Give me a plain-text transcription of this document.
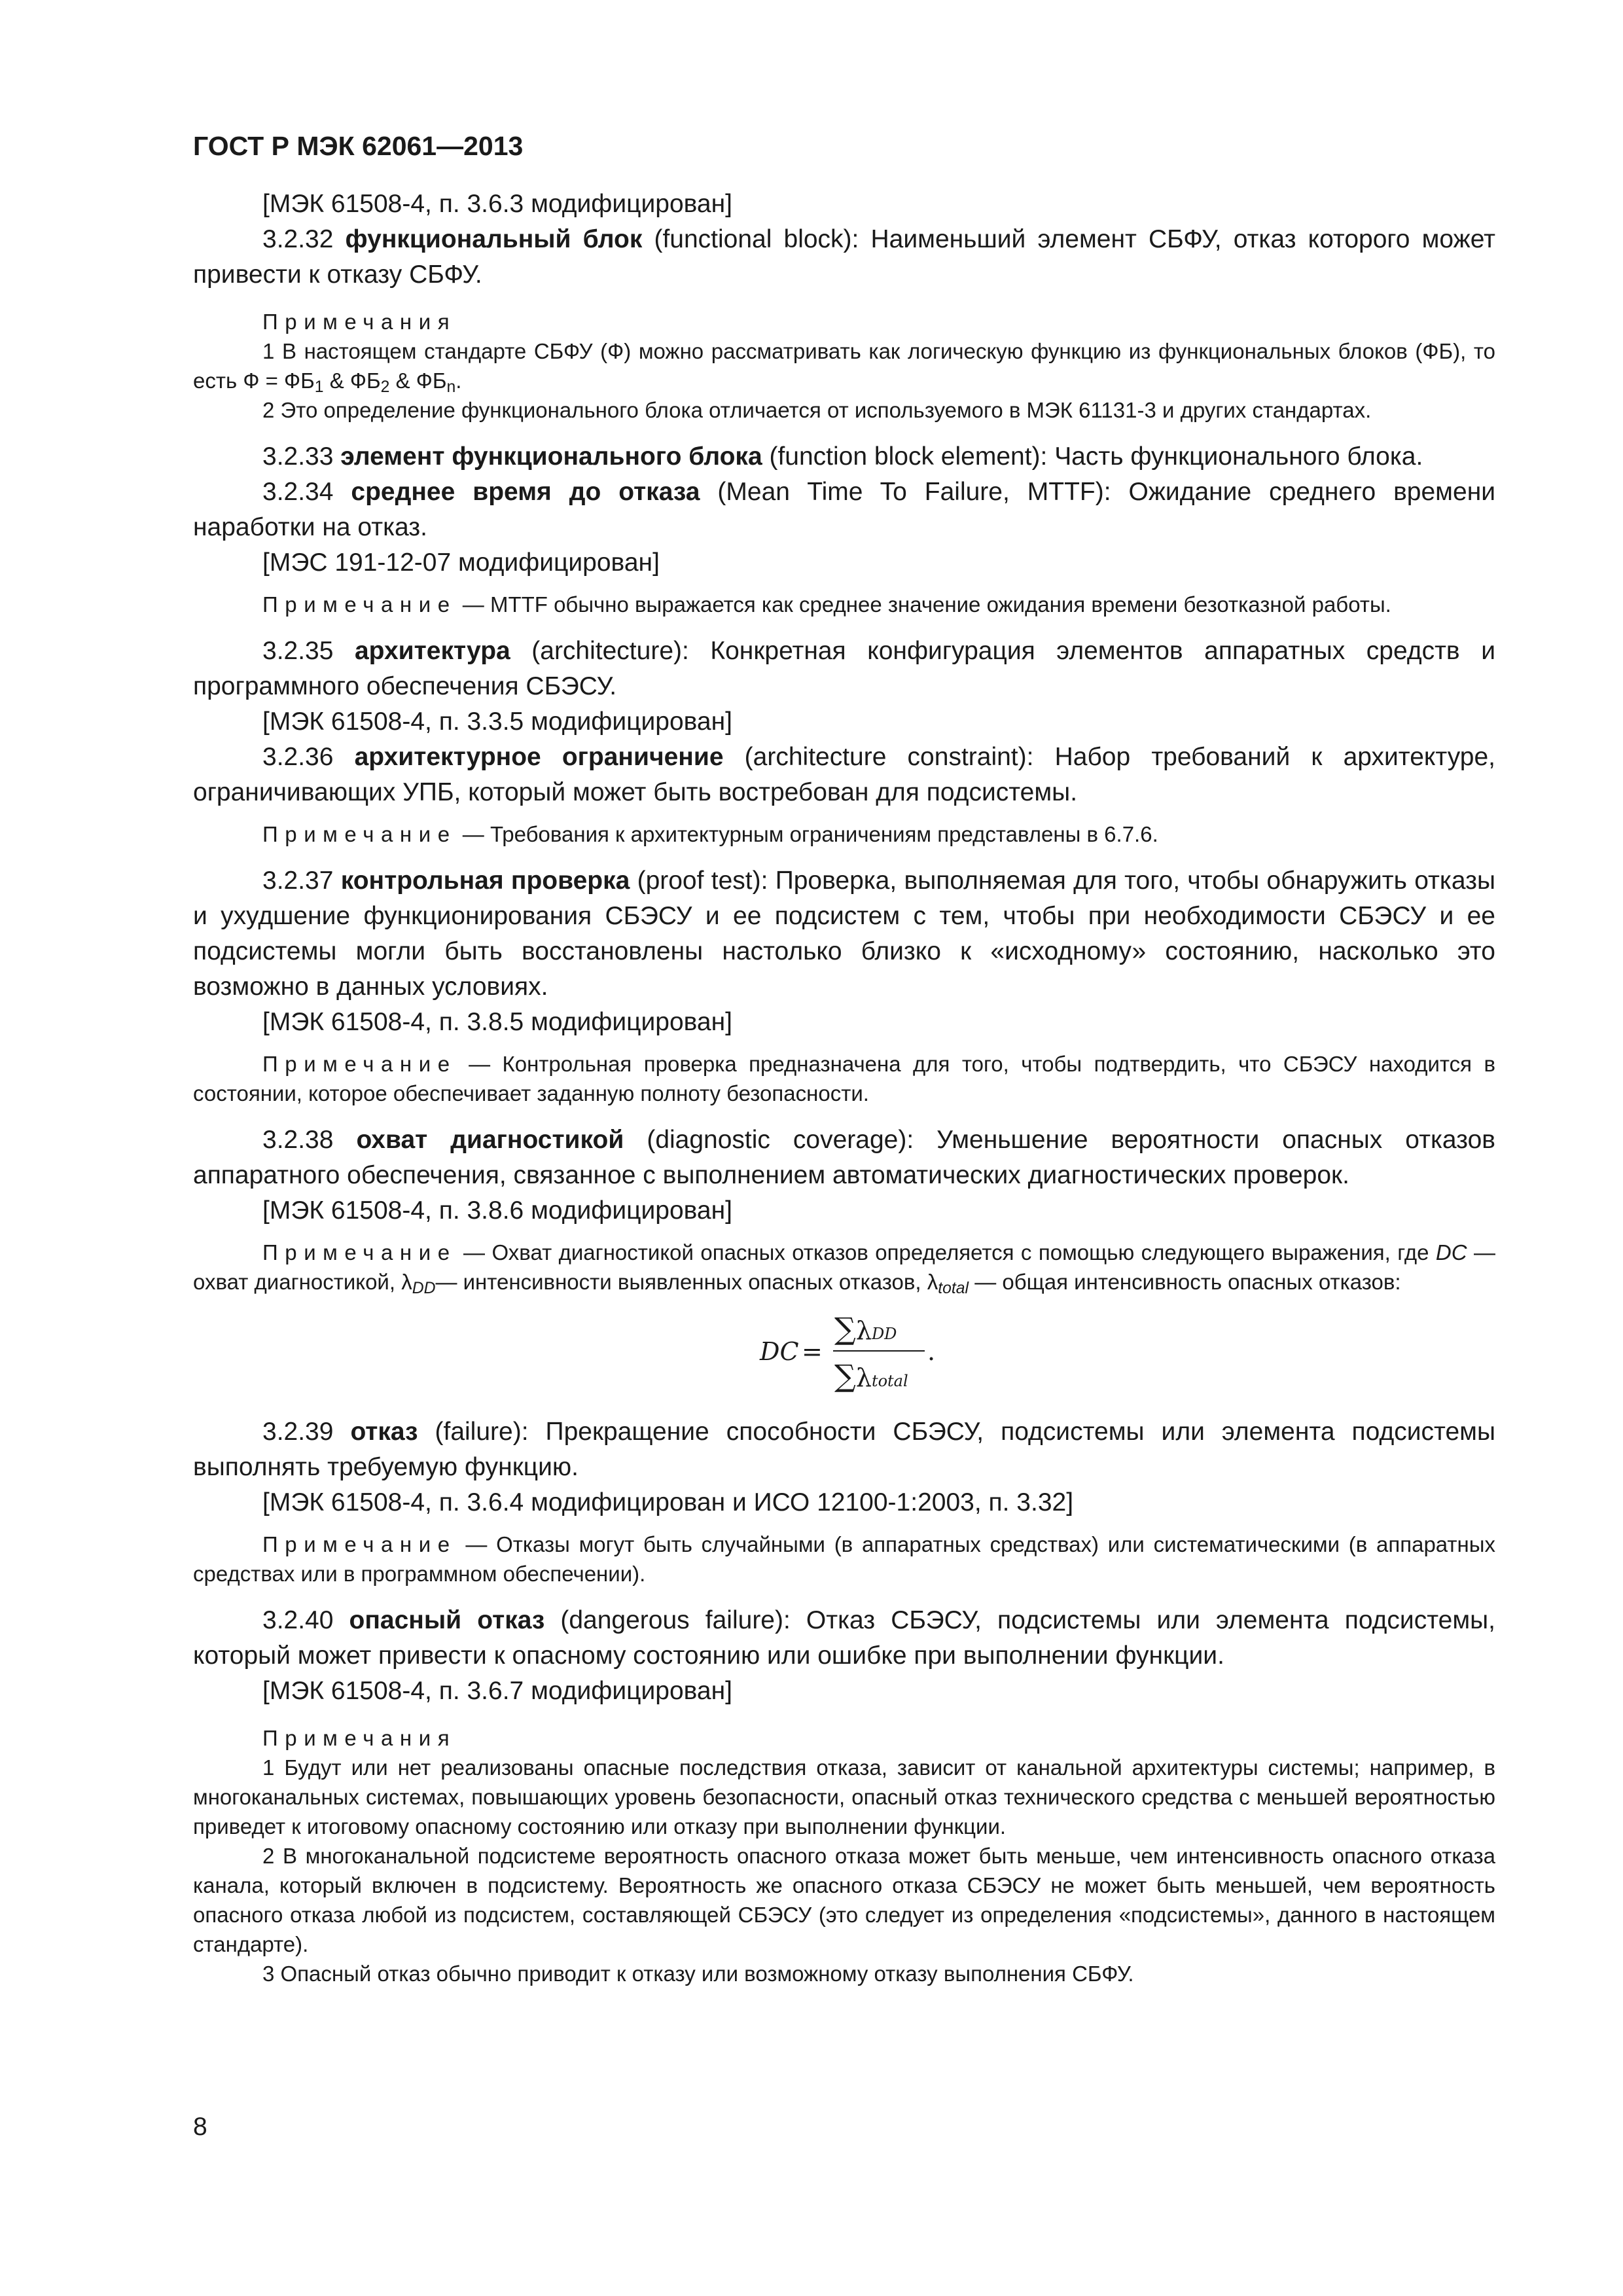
ГОСТ Р МЭК 62061—2013

[МЭК 61508-4, п. 3.6.3 модифицирован]

3.2.32 функциональный блок (functional block): Наименьший элемент СБФУ, отказ которого может привести к отказу СБФУ.

Примечания

1 В настоящем стандарте СБФУ (Ф) можно рассматривать как логическую функцию из функциональных блоков (ФБ), то есть $Ф = ФБ_1$ & $ФБ_2$ & $ФБ_n$.

2 Это определение функционального блока отличается от используемого в МЭК 61131-3 и других стандартах.

3.2.33 элемент функционального блока (function block element): Часть функционального блока.

3.2.34 среднее время до отказа (Mean Time To Failure, MTTF): Ожидание среднего времени наработки на отказ.

[МЭС 191-12-07 модифицирован]

Примечание — MTTF обычно выражается как среднее значение ожидания времени безотказной работы.

3.2.35 архитектура (architecture): Конкретная конфигурация элементов аппаратных средств и программного обеспечения СБЭСУ.

[МЭК 61508-4, п. 3.3.5 модифицирован]

3.2.36 архитектурное ограничение (architecture constraint): Набор требований к архитектуре, ограничивающих УПБ, который может быть востребован для подсистемы.

Примечание — Требования к архитектурным ограничениям представлены в 6.7.6.

3.2.37 контрольная проверка (proof test): Проверка, выполняемая для того, чтобы обнаружить отказы и ухудшение функционирования СБЭСУ и ее подсистем с тем, чтобы при необходимости СБЭСУ и ее подсистемы могли быть восстановлены настолько близко к «исходному» состоянию, насколько это возможно в данных условиях.

[МЭК 61508-4, п. 3.8.5 модифицирован]

Примечание — Контрольная проверка предназначена для того, чтобы подтвердить, что СБЭСУ находится в состоянии, которое обеспечивает заданную полноту безопасности.

3.2.38 охват диагностикой (diagnostic coverage): Уменьшение вероятности опасных отказов аппаратного обеспечения, связанное с выполнением автоматических диагностических проверок.

[МЭК 61508-4, п. 3.8.6 модифицирован]

Примечание — Охват диагностикой опасных отказов определяется с помощью следующего выражения, где DC — охват диагностикой, $\lambda_{DD}—$ интенсивности выявленных опасных отказов, $\lambda_{total}$ — общая интенсивность опасных отказов:

DC =
∑λDD
∑λtotal
.

3.2.39 отказ (failure): Прекращение способности СБЭСУ, подсистемы или элемента подсистемы выполнять требуемую функцию.

[МЭК 61508-4, п. 3.6.4 модифицирован и ИСО 12100-1:2003, п. 3.32]

Примечание — Отказы могут быть случайными (в аппаратных средствах) или систематическими (в аппаратных средствах или в программном обеспечении).

3.2.40 опасный отказ (dangerous failure): Отказ СБЭСУ, подсистемы или элемента подсистемы, который может привести к опасному состоянию или ошибке при выполнении функции.

[МЭК 61508-4, п. 3.6.7 модифицирован]

Примечания

1 Будут или нет реализованы опасные последствия отказа, зависит от канальной архитектуры системы; например, в многоканальных системах, повышающих уровень безопасности, опасный отказ технического средства с меньшей вероятностью приведет к итоговому опасному состоянию или отказу при выполнении функции.

2 В многоканальной подсистеме вероятность опасного отказа может быть меньше, чем интенсивность опасного отказа канала, который включен в подсистему. Вероятность же опасного отказа СБЭСУ не может быть меньшей, чем вероятность опасного отказа любой из подсистем, составляющей СБЭСУ (это следует из определения «подсистемы», данного в настоящем стандарте).

3 Опасный отказ обычно приводит к отказу или возможному отказу выполнения СБФУ.

8
